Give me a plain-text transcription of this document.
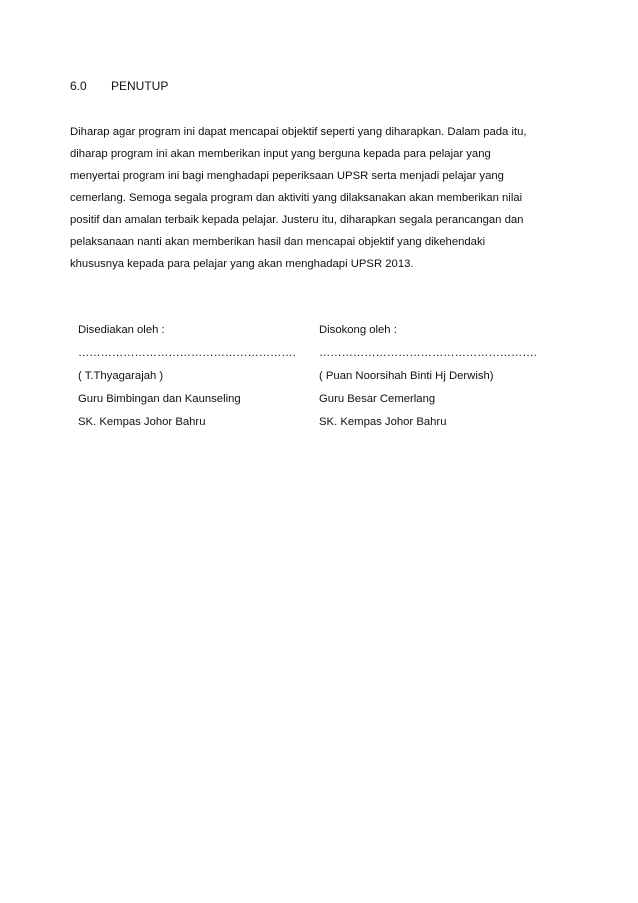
6.0	PENUTUP
Diharap agar program ini dapat mencapai objektif seperti yang diharapkan. Dalam pada itu,
diharap program ini akan memberikan input yang berguna kepada para pelajar yang
menyertai program ini bagi menghadapi peperiksaan UPSR serta menjadi pelajar yang
cemerlang. Semoga segala program dan aktiviti yang dilaksanakan akan memberikan nilai
positif dan amalan terbaik kepada pelajar. Justeru itu, diharapkan segala perancangan dan
pelaksanaan nanti akan memberikan hasil dan mencapai objektif yang dikehendaki
khususnya kepada para pelajar yang akan menghadapi UPSR 2013.
Disediakan oleh :
………………………………………………….
( T.Thyagarajah )
Guru Bimbingan dan Kaunseling
SK. Kempas Johor Bahru
Disokong oleh :
………………………………………………….
( Puan Noorsihah Binti Hj Derwish)
Guru Besar Cemerlang
SK. Kempas Johor Bahru
